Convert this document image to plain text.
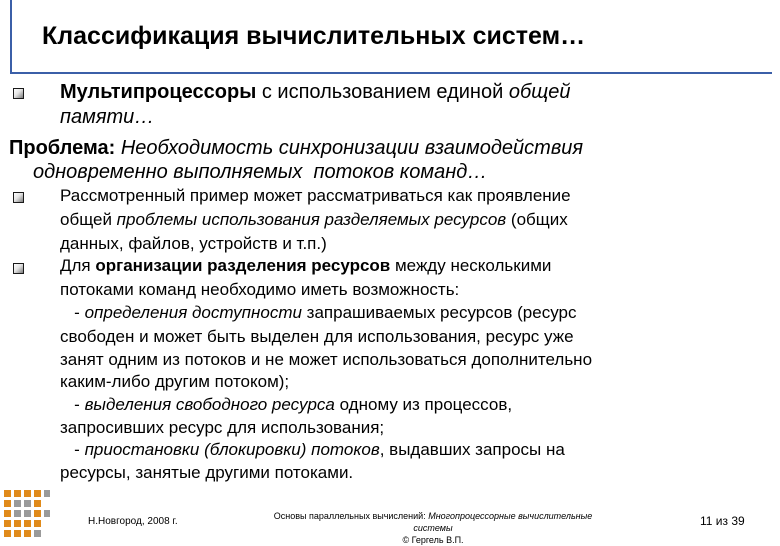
Классификация вычислительных систем…
Мультипроцессоры с использованием единой общей
памяти…
Проблема: Необходимость синхронизации взаимодействия
одновременно выполняемых  потоков команд…
Рассмотренный пример может рассматриваться как проявление
общей проблемы использования разделяемых ресурсов (общих
данных, файлов, устройств и т.п.)
Для организации разделения ресурсов между несколькими
потоками команд необходимо иметь возможность:
- определения доступности запрашиваемых ресурсов (ресурс
свободен и может быть выделен для использования, ресурс уже
занят одним из потоков и не может использоваться дополнительно
каким-либо другим потоком);
- выделения свободного ресурса одному из процессов,
запросивших ресурс для использования;
- приостановки (блокировки) потоков, выдавших запросы на
ресурсы, занятые другими потоками.
Н.Новгород, 2008 г.	Основы параллельных вычислений: Многопроцессорные вычислительные
системы
© Гергель В.П.
11 из 39
